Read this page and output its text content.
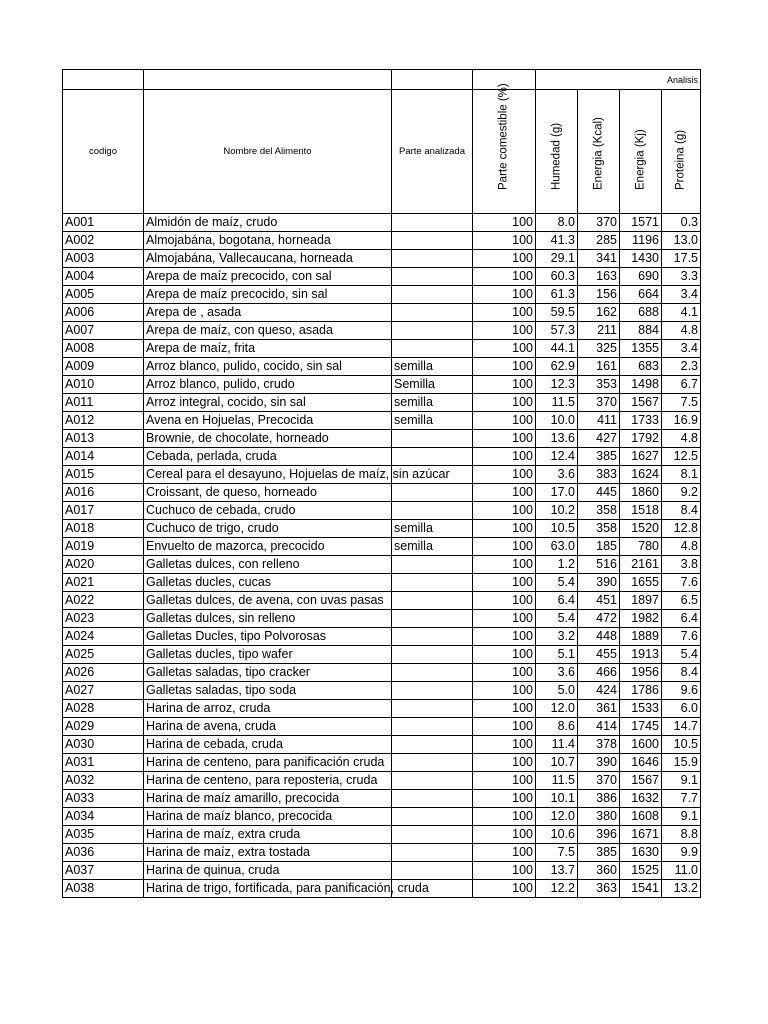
				Analisis			
codigo	Nombre del Alimento	Parte analizada	Parte comestible (%)	Humedad (g)	Energia (Kcal)	Energia (Kj)	Proteina (g)

A001	Almidón de maíz, crudo		100	8.0	370	1571	0.3
A002	Almojabána, bogotana, horneada		100	41.3	285	1196	13.0
A003	Almojabána, Vallecaucana, horneada		100	29.1	341	1430	17.5
A004	Arepa de maíz precocido, con sal		100	60.3	163	690	3.3
A005	Arepa de maíz precocido, sin sal		100	61.3	156	664	3.4
A006	Arepa de , asada		100	59.5	162	688	4.1
A007	Arepa de maíz, con queso, asada		100	57.3	211	884	4.8
A008	Arepa de maíz, frita		100	44.1	325	1355	3.4
A009	Arroz blanco, pulido, cocido, sin sal	semilla	100	62.9	161	683	2.3
A010	Arroz blanco, pulido, crudo	Semilla	100	12.3	353	1498	6.7
A011	Arroz integral, cocido, sin sal	semilla	100	11.5	370	1567	7.5
A012	Avena en Hojuelas, Precocida	semilla	100	10.0	411	1733	16.9
A013	Brownie, de chocolate, horneado		100	13.6	427	1792	4.8
A014	Cebada, perlada, cruda		100	12.4	385	1627	12.5
A015	Cereal para el desayuno, Hojuelas de maíz, sin azúcar		100	3.6	383	1624	8.1
A016	Croissant, de queso, horneado		100	17.0	445	1860	9.2
A017	Cuchuco de cebada, crudo		100	10.2	358	1518	8.4
A018	Cuchuco de trigo, crudo	semilla	100	10.5	358	1520	12.8
A019	Envuelto de mazorca, precocido	semilla	100	63.0	185	780	4.8
A020	Galletas dulces, con relleno		100	1.2	516	2161	3.8
A021	Galletas ducles, cucas		100	5.4	390	1655	7.6
A022	Galletas dulces, de avena, con uvas pasas		100	6.4	451	1897	6.5
A023	Galletas dulces, sin relleno		100	5.4	472	1982	6.4
A024	Galletas Ducles, tipo Polvorosas		100	3.2	448	1889	7.6
A025	Galletas ducles, tipo wafer		100	5.1	455	1913	5.4
A026	Galletas saladas, tipo cracker		100	3.6	466	1956	8.4
A027	Galletas saladas, tipo soda		100	5.0	424	1786	9.6
A028	Harina de arroz, cruda		100	12.0	361	1533	6.0
A029	Harina de avena, cruda		100	8.6	414	1745	14.7
A030	Harina de cebada, cruda		100	11.4	378	1600	10.5
A031	Harina de centeno, para panificación cruda		100	10.7	390	1646	15.9
A032	Harina de centeno, para reposteria, cruda		100	11.5	370	1567	9.1
A033	Harina de maíz amarillo, precocida		100	10.1	386	1632	7.7
A034	Harina de maíz blanco, precocida		100	12.0	380	1608	9.1
A035	Harina de maíz, extra cruda		100	10.6	396	1671	8.8
A036	Harina de maíz, extra tostada		100	7.5	385	1630	9.9
A037	Harina de quinua, cruda		100	13.7	360	1525	11.0
A038	Harina de trigo, fortificada, para panificación, cruda		100	12.2	363	1541	13.2
